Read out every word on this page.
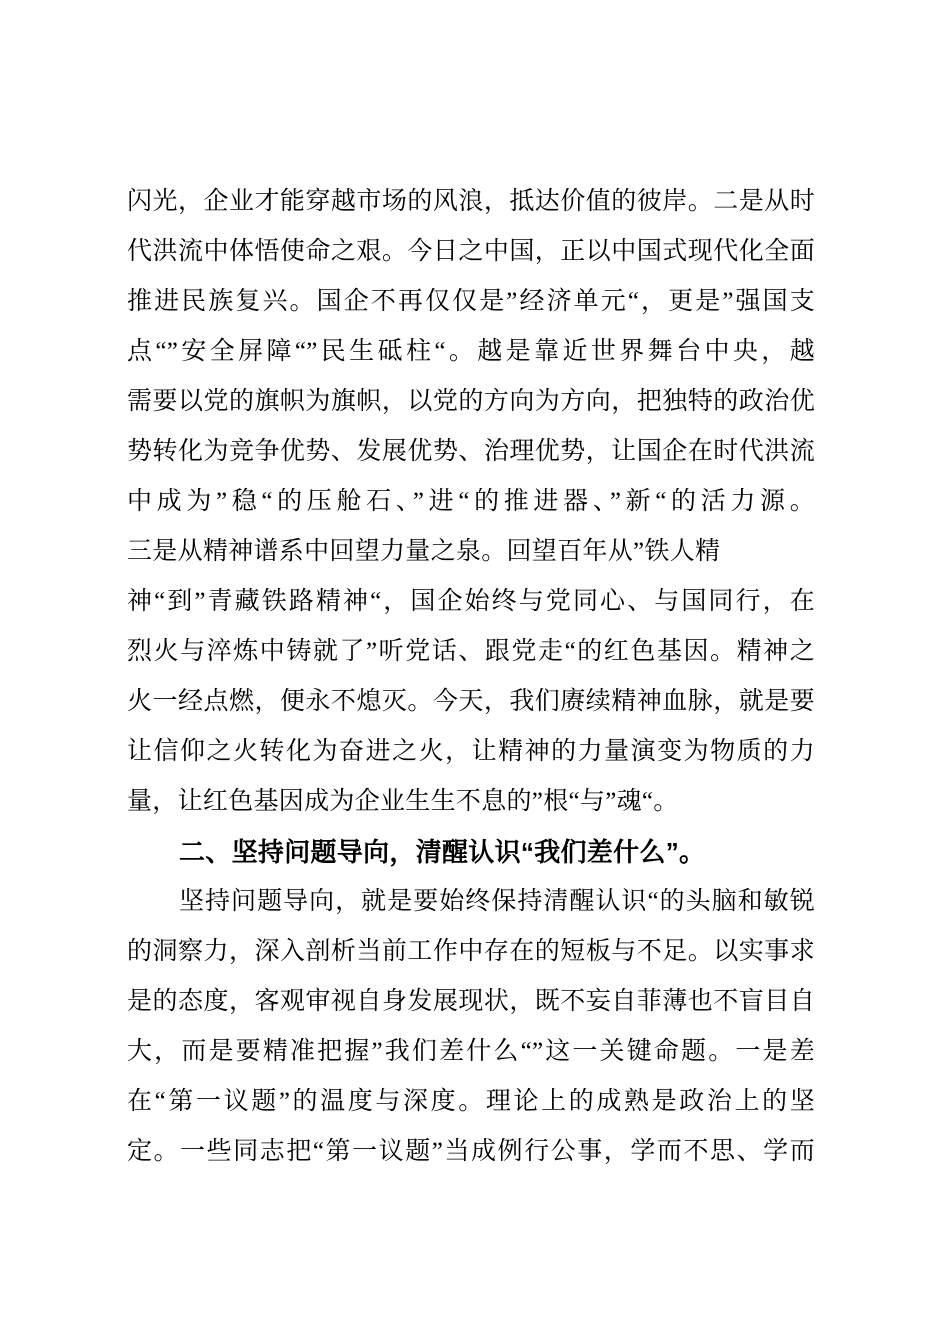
闪光，企业才能穿越市场的风浪，抵达价值的彼岸。二是从时
代洪流中体悟使命之艰。今日之中国，正以中国式现代化全面
推进民族复兴。国企不再仅仅是”经济单元“，更是”强国支
点“”安全屏障“”民生砥柱“。越是靠近世界舞台中央，越
需要以党的旗帜为旗帜，以党的方向为方向，把独特的政治优
势转化为竞争优势、发展优势、治理优势，让国企在时代洪流
中成为”稳“的压舱石、”进“的推进器、”新“的活力源。
三是从精神谱系中回望力量之泉。回望百年从”铁人精
神“到”青藏铁路精神“，国企始终与党同心、与国同行，在
烈火与淬炼中铸就了”听党话、跟党走“的红色基因。精神之
火一经点燃，便永不熄灭。今天，我们赓续精神血脉，就是要
让信仰之火转化为奋进之火，让精神的力量演变为物质的力
量，让红色基因成为企业生生不息的”根“与”魂“。
二、坚持问题导向，清醒认识“我们差什么”。
坚持问题导向，就是要始终保持清醒认识“的头脑和敏锐
的洞察力，深入剖析当前工作中存在的短板与不足。以实事求
是的态度，客观审视自身发展现状，既不妄自菲薄也不盲目自
大，而是要精准把握”我们差什么“”这一关键命题。一是差
在“第一议题”的温度与深度。理论上的成熟是政治上的坚
定。一些同志把“第一议题”当成例行公事，学而不思、学而
